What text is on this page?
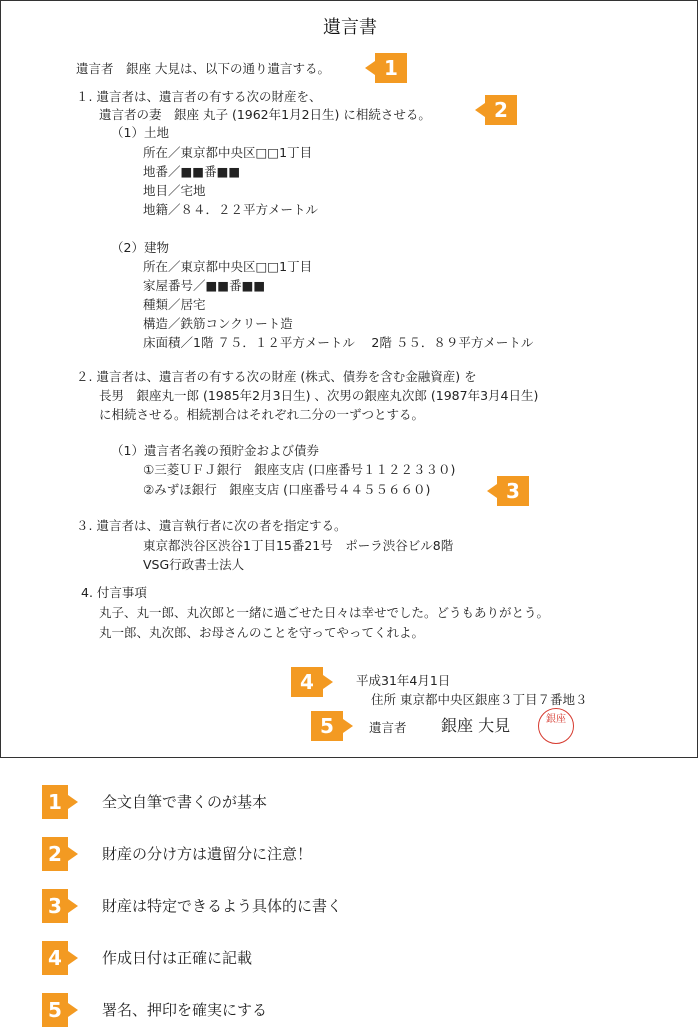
遺言書
遺言者　銀座 大見は、以下の通り遺言する。	1
１. 遺言者は、遺言者の有する次の財産を、
遺言者の妻　銀座 丸子 (1962年1月2日生) に相続させる。	2
（1）土地
所在／東京都中央区□□1丁目
地番／■■番■■
地目／宅地
地籍／８４．２２平方メートル
（2）建物
所在／東京都中央区□□1丁目
家屋番号／■■番■■
種類／居宅
構造／鉄筋コンクリート造
床面積／1階 ７５．１２平方メートル　 2階 ５５．８９平方メートル
２. 遺言者は、遺言者の有する次の財産 (株式、債券を含む金融資産) を
長男　銀座丸一郎 (1985年2月3日生) 、次男の銀座丸次郎 (1987年3月4日生)
に相続させる。相続割合はそれぞれ二分の一ずつとする。
（1）遺言者名義の預貯金および債券
①三菱ＵＦＪ銀行　銀座支店 (口座番号１１２２３３０)
②みずほ銀行　銀座支店 (口座番号４４５５６６０)	3
３. 遺言者は、遺言執行者に次の者を指定する。
東京都渋谷区渋谷1丁目15番21号　ポーラ渋谷ビル8階
VSG行政書士法人
4. 付言事項
丸子、丸一郎、丸次郎と一緒に過ごせた日々は幸せでした。どうもありがとう。
丸一郎、丸次郎、お母さんのことを守ってやってくれよ。
4	平成31年4月1日
住所 東京都中央区銀座３丁目７番地３
5	遺言者 銀座 大見	銀座
1	全文自筆で書くのが基本
2	財産の分け方は遺留分に注意！
3	財産は特定できるよう具体的に書く
4	作成日付は正確に記載
5	署名、押印を確実にする
